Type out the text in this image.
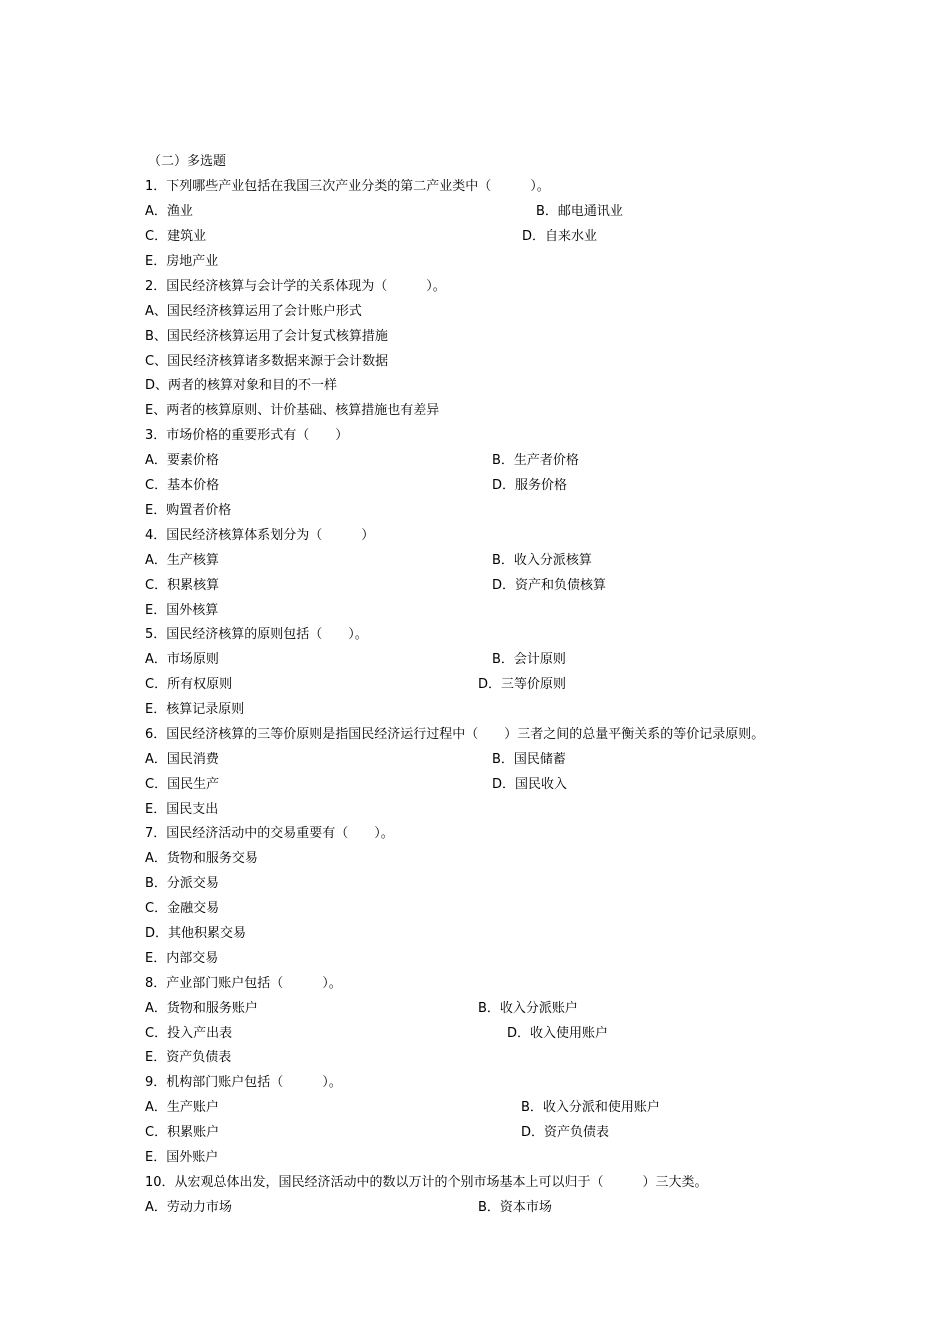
（二）多选题
1．下列哪些产业包括在我国三次产业分类的第二产业类中（　　　）。
A．渔业	B．邮电通讯业
C．建筑业	D．自来水业
E．房地产业
2．国民经济核算与会计学的关系体现为（　　　）。
A、国民经济核算运用了会计账户形式
B、国民经济核算运用了会计复式核算措施
C、国民经济核算诸多数据来源于会计数据
D、两者的核算对象和目的不一样
E、两者的核算原则、计价基础、核算措施也有差异
3．市场价格的重要形式有（　　）
A．要素价格	B．生产者价格
C．基本价格	D．服务价格
E．购置者价格
4．国民经济核算体系划分为（　　　）
A．生产核算	B．收入分派核算
C．积累核算	D．资产和负债核算
E．国外核算
5．国民经济核算的原则包括（　　）。
A．市场原则	B．会计原则
C．所有权原则	D．三等价原则
E．核算记录原则
6．国民经济核算的三等价原则是指国民经济运行过程中（　　）三者之间的总量平衡关系的等价记录原则。
A．国民消费	B．国民储蓄
C．国民生产	D．国民收入
E．国民支出
7．国民经济活动中的交易重要有（　　）。
A．货物和服务交易
B．分派交易
C．金融交易
D．其他积累交易
E．内部交易
8．产业部门账户包括（　　　）。
A．货物和服务账户	B．收入分派账户
C．投入产出表	D．收入使用账户
E．资产负债表
9．机构部门账户包括（　　　）。
A．生产账户	B．收入分派和使用账户
C．积累账户	D．资产负债表
E．国外账户
10．从宏观总体出发，国民经济活动中的数以万计的个别市场基本上可以归于（　　　）三大类。
A．劳动力市场	B．资本市场
